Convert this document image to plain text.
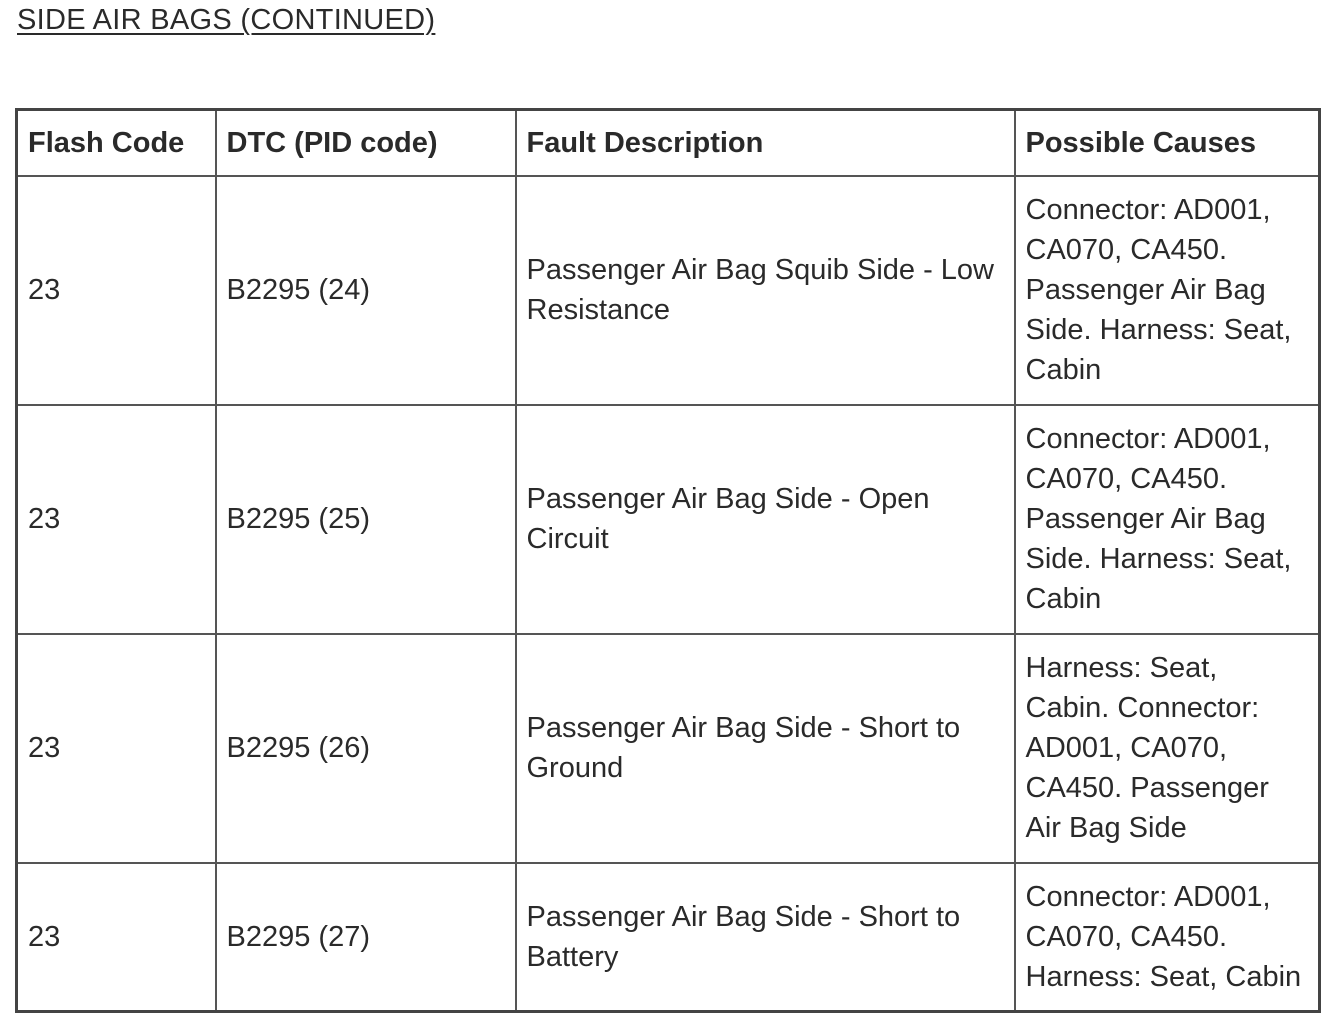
SIDE AIR BAGS (CONTINUED)
Flash Code	DTC (PID code)	Fault Description	Possible Causes
23	B2295 (24)	Passenger Air Bag Squib Side - Low Resistance	Connector: AD001, CA070, CA450. Passenger Air Bag Side. Harness: Seat, Cabin
23	B2295 (25)	Passenger Air Bag Side - Open Circuit	Connector: AD001, CA070, CA450. Passenger Air Bag Side. Harness: Seat, Cabin
23	B2295 (26)	Passenger Air Bag Side - Short to Ground	Harness: Seat, Cabin. Connector: AD001, CA070, CA450. Passenger Air Bag Side
23	B2295 (27)	Passenger Air Bag Side - Short to Battery	Connector: AD001, CA070, CA450. Harness: Seat, Cabin
